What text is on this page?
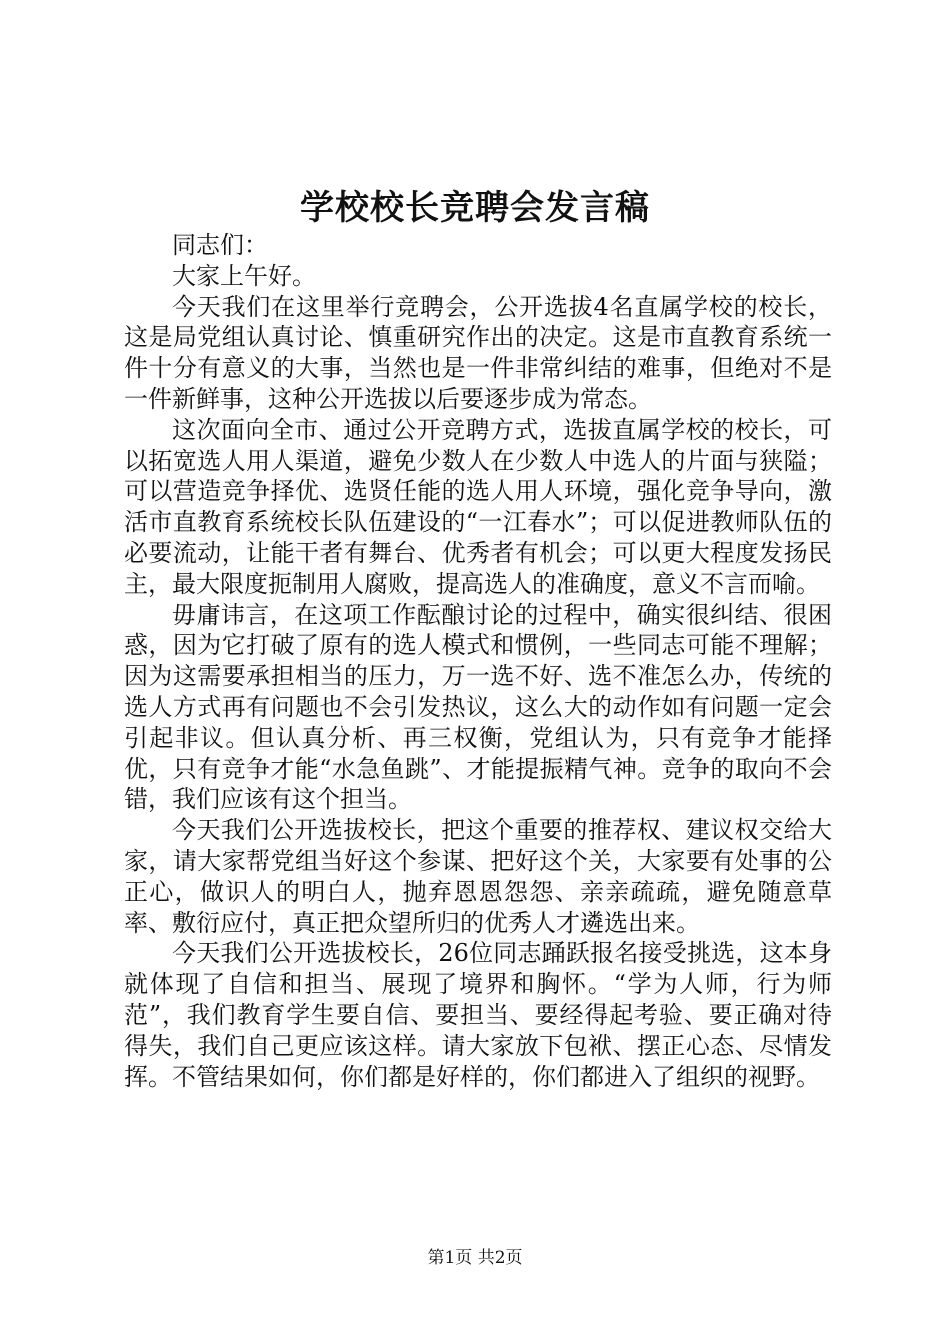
学校校长竞聘会发言稿

同志们：

大家上午好。

今天我们在这里举行竞聘会，公开选拔4名直属学校的校长，这是局党组认真讨论、慎重研究作出的决定。这是市直教育系统一件十分有意义的大事，当然也是一件非常纠结的难事，但绝对不是一件新鲜事，这种公开选拔以后要逐步成为常态。

这次面向全市、通过公开竞聘方式，选拔直属学校的校长，可以拓宽选人用人渠道，避免少数人在少数人中选人的片面与狭隘；可以营造竞争择优、选贤任能的选人用人环境，强化竞争导向，激活市直教育系统校长队伍建设的“一江春水”；可以促进教师队伍的必要流动，让能干者有舞台、优秀者有机会；可以更大程度发扬民主，最大限度扼制用人腐败，提高选人的准确度，意义不言而喻。

毋庸讳言，在这项工作酝酿讨论的过程中，确实很纠结、很困惑，因为它打破了原有的选人模式和惯例，一些同志可能不理解；因为这需要承担相当的压力，万一选不好、选不准怎么办，传统的选人方式再有问题也不会引发热议，这么大的动作如有问题一定会引起非议。但认真分析、再三权衡，党组认为，只有竞争才能择优，只有竞争才能“水急鱼跳”、才能提振精气神。竞争的取向不会错，我们应该有这个担当。

今天我们公开选拔校长，把这个重要的推荐权、建议权交给大家，请大家帮党组当好这个参谋、把好这个关，大家要有处事的公正心，做识人的明白人，抛弃恩恩怨怨、亲亲疏疏，避免随意草率、敷衍应付，真正把众望所归的优秀人才遴选出来。

今天我们公开选拔校长，26位同志踊跃报名接受挑选，这本身就体现了自信和担当、展现了境界和胸怀。“学为人师，行为师范”，我们教育学生要自信、要担当、要经得起考验、要正确对待得失，我们自己更应该这样。请大家放下包袱、摆正心态、尽情发挥。不管结果如何，你们都是好样的，你们都进入了组织的视野。

第1页 共2页
